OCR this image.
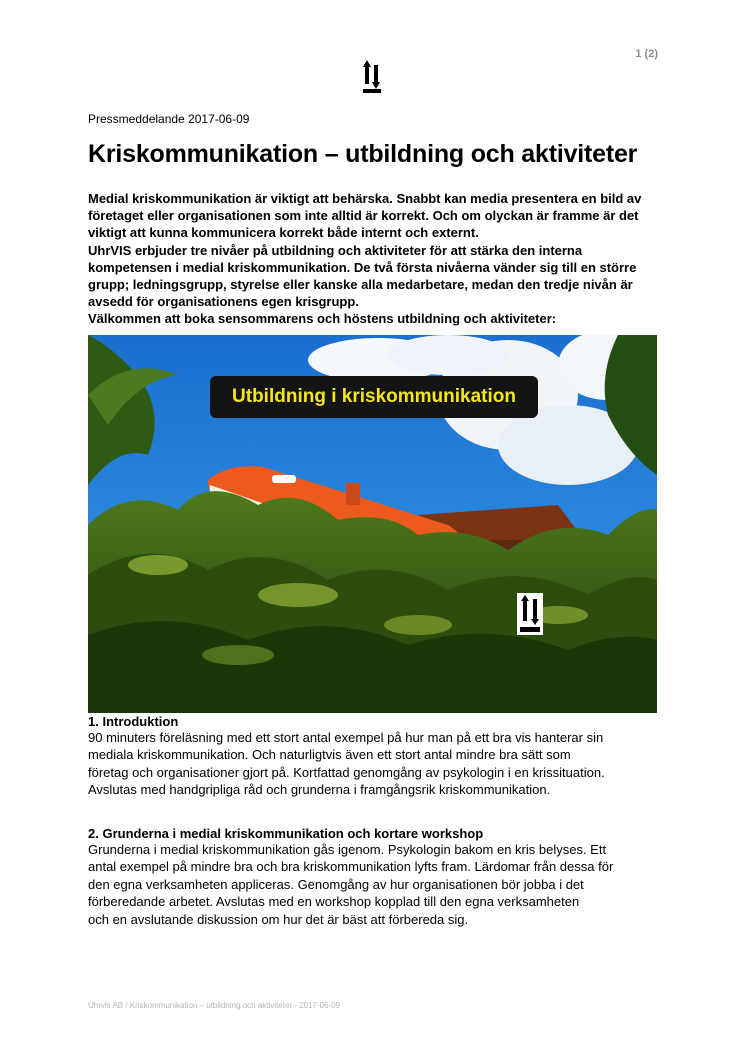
1 (2)
Pressmeddelande 2017-06-09
Kriskommunikation – utbildning och aktiviteter

Medial kriskommunikation är viktigt att behärska. Snabbt kan media presentera en bild av

företaget eller organisationen som inte alltid är korrekt. Och om olyckan är framme är det

viktigt att kunna kommunicera korrekt både internt och externt.

UhrVIS erbjuder tre nivåer på utbildning och aktiviteter för att stärka den interna

kompetensen i medial kriskommunikation. De två första nivåerna vänder sig till en större

grupp; ledningsgrupp, styrelse eller kanske alla medarbetare, medan den tredje nivån är

avsedd för organisationens egen krisgrupp.

Välkommen att boka sensommarens och höstens utbildning och aktiviteter:

Utbildning i kriskommunikation
1. Introduktion

90 minuters föreläsning med ett stort antal exempel på hur man på ett bra vis hanterar sin

mediala kriskommunikation. Och naturligtvis även ett stort antal mindre bra sätt som

företag och organisationer gjort på. Kortfattad genomgång av psykologin i en krissituation.

Avslutas med handgripliga råd och grunderna i framgångsrik kriskommunikation.

2. Grunderna i medial kriskommunikation och kortare workshop

Grunderna i medial kriskommunikation gås igenom. Psykologin bakom en kris belyses. Ett

antal exempel på mindre bra och bra kriskommunikation lyfts fram. Lärdomar från dessa för

den egna verksamheten appliceras. Genomgång av hur organisationen bör jobba i det

förberedande arbetet. Avslutas med en workshop kopplad till den egna verksamheten

och en avslutande diskussion om hur det är bäst att förbereda sig.

Uhrvis AB / Kriskommunikation – utbildning och aktiviteter - 2017-06-09
